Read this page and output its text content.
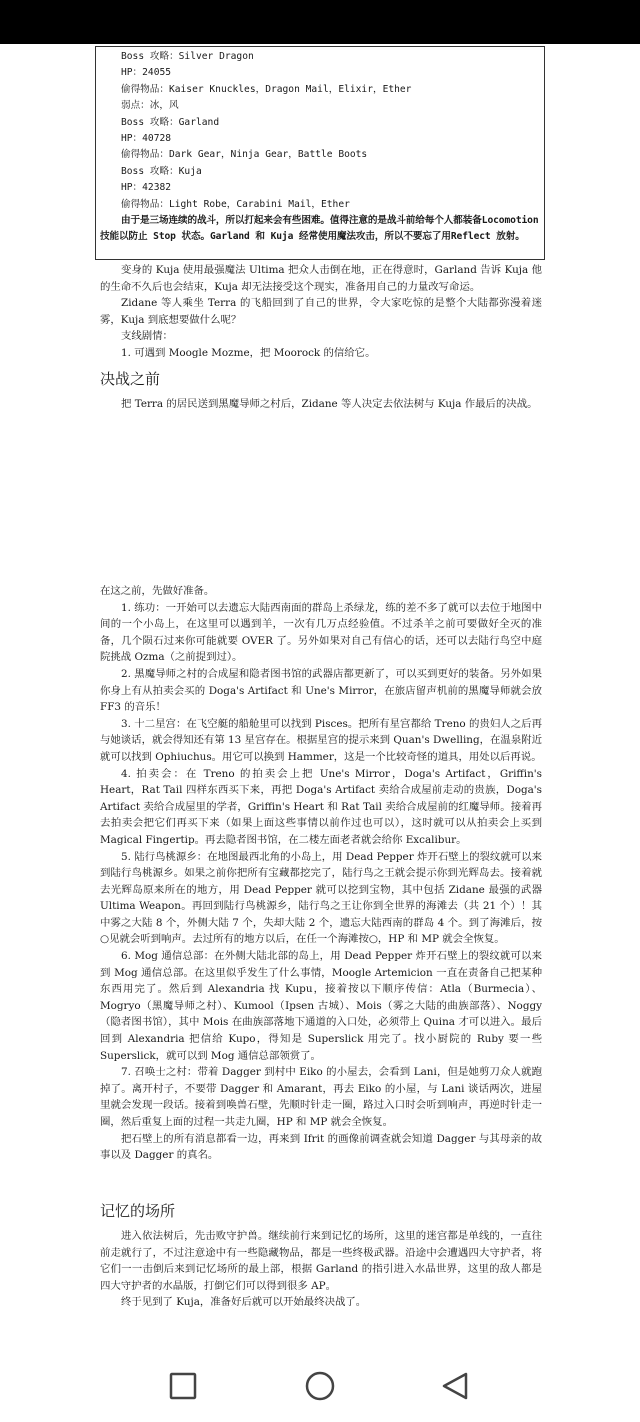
Boss 攻略：Silver Dragon
HP：24055
偷得物品：Kaiser Knuckles，Dragon Mail，Elixir，Ether
弱点：冰，风
Boss 攻略：Garland
HP：40728
偷得物品：Dark Gear，Ninja Gear，Battle Boots
Boss 攻略：Kuja
HP：42382
偷得物品：Light Robe，Carabini Mail，Ether
由于是三场连续的战斗，所以打起来会有些困难。值得注意的是战斗前给每个人都装备Locomotion 技能以防止 Stop 状态。Garland 和 Kuja 经常使用魔法攻击，所以不要忘了用Reflect 放射。

变身的 Kuja 使用最强魔法 Ultima 把众人击倒在地，正在得意时，Garland 告诉 Kuja 他的生命不久后也会结束，Kuja 却无法接受这个现实，准备用自己的力量改写命运。

Zidane 等人乘坐 Terra 的飞船回到了自己的世界，令大家吃惊的是整个大陆都弥漫着迷雾，Kuja 到底想要做什么呢？

支线剧情：

1. 可遇到 Moogle Mozme，把 Moorock 的信给它。

决战之前

把 Terra 的居民送到黑魔导师之村后，Zidane 等人决定去依法树与 Kuja 作最后的决战。

在这之前，先做好准备。

1. 练功：一开始可以去遗忘大陆西南面的群岛上杀绿龙，练的差不多了就可以去位于地图中间的一个小岛上，在这里可以遇到羊，一次有几万点经验值。不过杀羊之前可要做好全灭的准备，几个陨石过来你可能就要 OVER 了。另外如果对自己有信心的话，还可以去陆行鸟空中庭院挑战 Ozma（之前提到过）。

2. 黑魔导师之村的合成屋和隐者图书馆的武器店都更新了，可以买到更好的装备。另外如果你身上有从拍卖会买的 Doga's Artifact 和 Une's Mirror，在旅店留声机前的黑魔导师就会放 FF3 的音乐！

3. 十二星宫：在飞空艇的船舱里可以找到 Pisces。把所有星宫都给 Treno 的贵妇人之后再与她谈话，就会得知还有第 13 星宫存在。根据星宫的提示来到 Quan's Dwelling，在温泉附近就可以找到 Ophiuchus。用它可以换到 Hammer，这是一个比较奇怪的道具，用处以后再说。

4. 拍卖会：在 Treno 的拍卖会上把 Une's Mirror，Doga's Artifact，Griffin's Heart，Rat Tail 四样东西买下来，再把 Doga's Artifact 卖给合成屋前走动的贵族，Doga's Artifact 卖给合成屋里的学者，Griffin's Heart 和 Rat Tail 卖给合成屋前的红魔导师。接着再去拍卖会把它们再买下来（如果上面这些事情以前作过也可以），这时就可以从拍卖会上买到 Magical Fingertip。再去隐者图书馆，在二楼左面老者就会给你 Excalibur。

5. 陆行鸟桃源乡：在地图最西北角的小岛上，用 Dead Pepper 炸开石壁上的裂纹就可以来到陆行鸟桃源乡。如果之前你把所有宝藏都挖完了，陆行鸟之王就会提示你到光辉岛去。接着就去光辉岛原来所在的地方，用 Dead Pepper 就可以挖到宝物，其中包括 Zidane 最强的武器 Ultima Weapon。再回到陆行鸟桃源乡，陆行鸟之王让你到全世界的海滩去（共 21 个）！其中雾之大陆 8 个，外侧大陆 7 个，失却大陆 2 个，遗忘大陆西南的群岛 4 个。到了海滩后，按○见就会听到响声。去过所有的地方以后，在任一个海滩按○，HP 和 MP 就会全恢复。

6. Mog 通信总部：在外侧大陆北部的岛上，用 Dead Pepper 炸开石壁上的裂纹就可以来到 Mog 通信总部。在这里似乎发生了什么事情，Moogle Artemicion 一直在责备自己把某种东西用完了。然后到 Alexandria 找 Kupu，接着按以下顺序传信：Atla（Burmecia）、Mogryo（黑魔导师之村）、Kumool（Ipsen 古城）、Mois（雾之大陆的曲族部落）、Noggy（隐者图书馆），其中 Mois 在曲族部落地下通道的入口处，必须带上 Quina 才可以进入。最后回到 Alexandria 把信给 Kupo，得知是 Superslick 用完了。找小厨院的 Ruby 要一些 Superslick，就可以到 Mog 通信总部领赏了。

7. 召唤士之村：带着 Dagger 到村中 Eiko 的小屋去，会看到 Lani，但是她剪刀众人就跑掉了。离开村子，不要带 Dagger 和 Amarant，再去 Eiko 的小屋，与 Lani 谈话两次，进屋里就会发现一段话。接着到唤兽石壁，先顺时针走一圈，路过入口时会听到响声，再逆时针走一圈，然后重复上面的过程一共走九圈，HP 和 MP 就会全恢复。

把石壁上的所有消息都看一边，再来到 Ifrit 的画像前调查就会知道 Dagger 与其母亲的故事以及 Dagger 的真名。

记忆的场所

进入依法树后，先击败守护兽。继续前行来到记忆的场所，这里的迷宫都是单线的，一直往前走就行了，不过注意途中有一些隐藏物品，都是一些终极武器。沿途中会遭遇四大守护者，将它们一一击倒后来到记忆场所的最上部，根据 Garland 的指引进入水晶世界，这里的敌人都是四大守护者的水晶版，打倒它们可以得到很多 AP。

终于见到了 Kuja，准备好后就可以开始最终决战了。
